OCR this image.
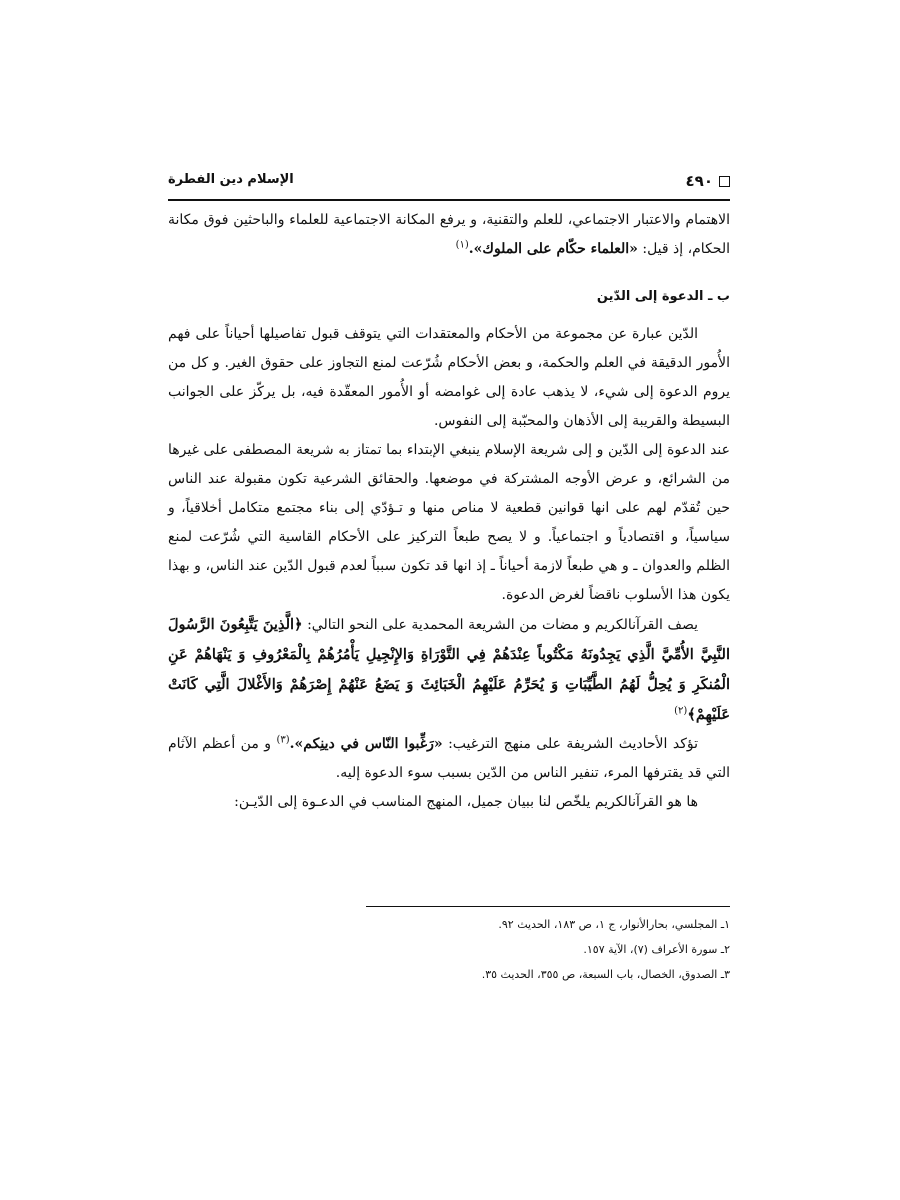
٤٩٠
الإسلام دين الفطرة

الاهتمام والاعتبار الاجتماعي، للعلم والتقنية، و يرفع المكانة الاجتماعية للعلماء والباحثين فوق مكانة الحكام، إذ قيل: «العلماء حكّام على الملوك».$^{(١)}$

ب ـ الدعوة إلى الدّين

الدّين عبارة عن مجموعة من الأحكام والمعتقدات التي يتوقف قبول تفاصيلها أحياناً على فهم الأُمور الدقيقة في العلم والحكمة، و بعض الأحكام شُرّعت لمنع التجاوز على حقوق الغير. و كل من يروم الدعوة إلى شيء، لا يذهب عادة إلى غوامضه أو الأُمور المعقّدة فيه، بل يركّز على الجوانب البسيطة والقريبة إلى الأذهان والمحبّبة إلى النفوس.

عند الدعوة إلى الدّين و إلى شريعة الإسلام ينبغي الإبتداء بما تمتاز به شريعة المصطفى على غيرها من الشرائع، و عرض الأوجه المشتركة في موضعها. والحقائق الشرعية تكون مقبولة عند الناس حين تُقدّم لهم على انها قوانين قطعية لا مناص منها و تـؤدّي إلى بناء مجتمع متكامل أخلاقياً، و سياسياً، و اقتصادياً و اجتماعياً. و لا يصح طبعاً التركيز على الأحكام القاسية التي شُرّعت لمنع الظلم والعدوان ـ و هي طبعاً لازمة أحياناً ـ إذ انها قد تكون سبباً لعدم قبول الدّين عند الناس، و بهذا يكون هذا الأسلوب ناقضاً لغرض الدعوة.

يصف القرآنالكريم و مضات من الشريعة المحمدية على النحو التالي: ﴿الَّذِينَ يَتَّبِعُونَ الرَّسُولَ النَّبِيَّ الأُمِّيَّ الَّذِي يَجِدُونَهُ مَكْتُوباً عِنْدَهُمْ فِي التَّوْرَاةِ وَالإِنْجِيلِ يَأْمُرُهُمْ بِالْمَعْرُوفِ وَ يَنْهَاهُمْ عَنِ الْمُنكَرِ وَ يُحِلُّ لَهُمُ الطَّيِّبَاتِ وَ يُحَرِّمُ عَلَيْهِمُ الْخَبَائِثَ وَ يَضَعُ عَنْهُمْ إِصْرَهُمْ وَالأَغْلالَ الَّتِي كَانَتْ عَلَيْهِمْ﴾$^{(٢)}$

تؤكد الأحاديث الشريفة على منهج الترغيب: «رَغِّبوا النّاس في دينِكم».$^{(٣)}$ و من أعظم الآثام التي قد يقترفها المرء، تنفير الناس من الدّين بسبب سوء الدعوة إليه.

ها هو القرآنالكريم يلخّص لنا ببيان جميل، المنهج المناسب في الدعـوة إلى الدّيـن:

١ـ المجلسي، بحارالأنوار، ج ١، ص ١٨٣، الحديث ٩٢.

٢ـ سورة الأعراف (٧)، الآية ١٥٧.

٣ـ الصدوق، الخصال، باب السبعة، ص ٣٥٥، الحديث ٣٥.
